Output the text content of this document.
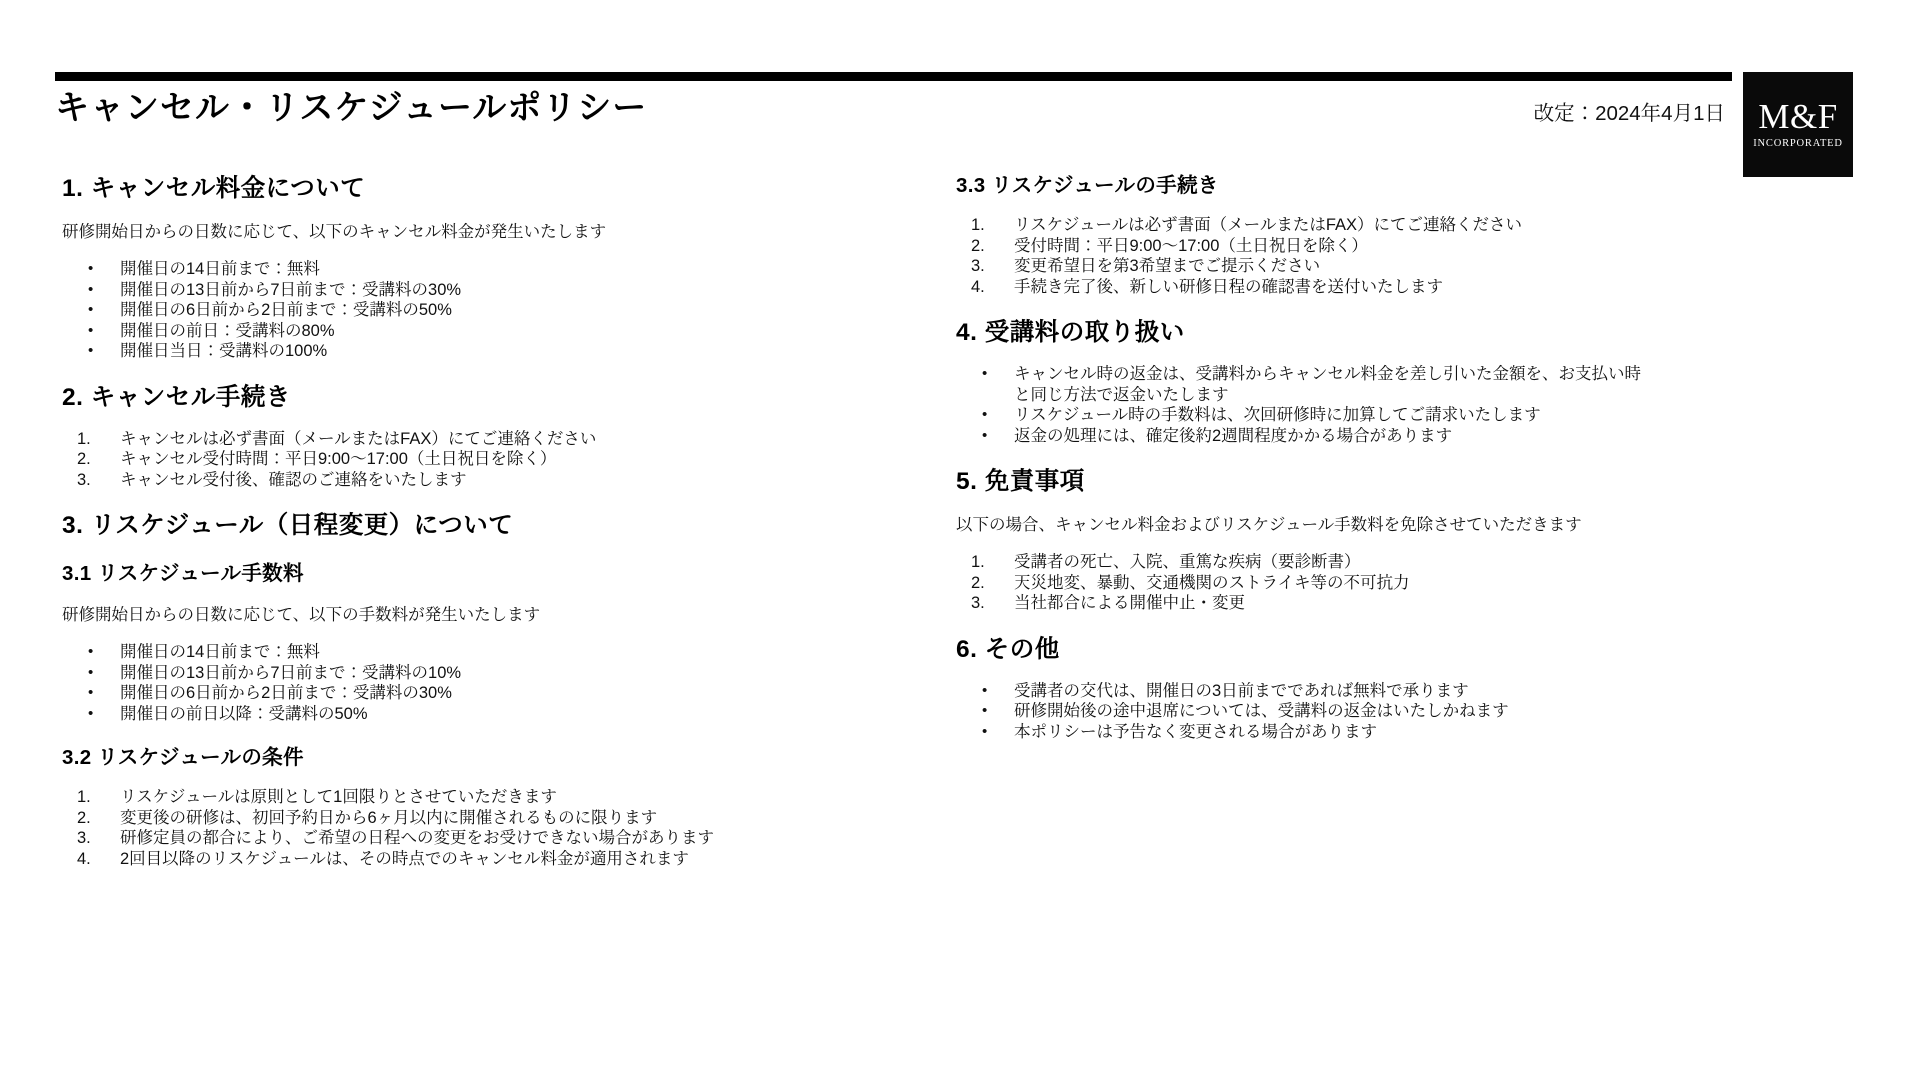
キャンセル・リスケジュールポリシー	改定：2024年4月1日 M&F
INCORPORATED
1. キャンセル料金について

研修開始日からの日数に応じて、以下のキャンセル料金が発生いたします

•	開催日の14日前まで：無料
•	開催日の13日前から7日前まで：受講料の30%
•	開催日の6日前から2日前まで：受講料の50%
•	開催日の前日：受講料の80%
•	開催日当日：受講料の100%
2. キャンセル手続き
1.	キャンセルは必ず書面（メールまたはFAX）にてご連絡ください
2.	キャンセル受付時間：平日9:00〜17:00（土日祝日を除く）
3.	キャンセル受付後、確認のご連絡をいたします
3. リスケジュール（日程変更）について
3.1 リスケジュール手数料

研修開始日からの日数に応じて、以下の手数料が発生いたします

•	開催日の14日前まで：無料
•	開催日の13日前から7日前まで：受講料の10%
•	開催日の6日前から2日前まで：受講料の30%
•	開催日の前日以降：受講料の50%
3.2 リスケジュールの条件
1.	リスケジュールは原則として1回限りとさせていただきます
2.	変更後の研修は、初回予約日から6ヶ月以内に開催されるものに限ります
3.	研修定員の都合により、ご希望の日程への変更をお受けできない場合があります
4.	2回目以降のリスケジュールは、その時点でのキャンセル料金が適用されます
3.3 リスケジュールの手続き
1.	リスケジュールは必ず書面（メールまたはFAX）にてご連絡ください
2.	受付時間：平日9:00〜17:00（土日祝日を除く）
3.	変更希望日を第3希望までご提示ください
4.	手続き完了後、新しい研修日程の確認書を送付いたします
4. 受講料の取り扱い
•	キャンセル時の返金は、受講料からキャンセル料金を差し引いた金額を、お支払い時と同じ方法で返金いたします
•	リスケジュール時の手数料は、次回研修時に加算してご請求いたします
•	返金の処理には、確定後約2週間程度かかる場合があります
5. 免責事項

以下の場合、キャンセル料金およびリスケジュール手数料を免除させていただきます

1.	受講者の死亡、入院、重篤な疾病（要診断書）
2.	天災地変、暴動、交通機関のストライキ等の不可抗力
3.	当社都合による開催中止・変更
6. その他
•	受講者の交代は、開催日の3日前までであれば無料で承ります
•	研修開始後の途中退席については、受講料の返金はいたしかねます
•	本ポリシーは予告なく変更される場合があります
